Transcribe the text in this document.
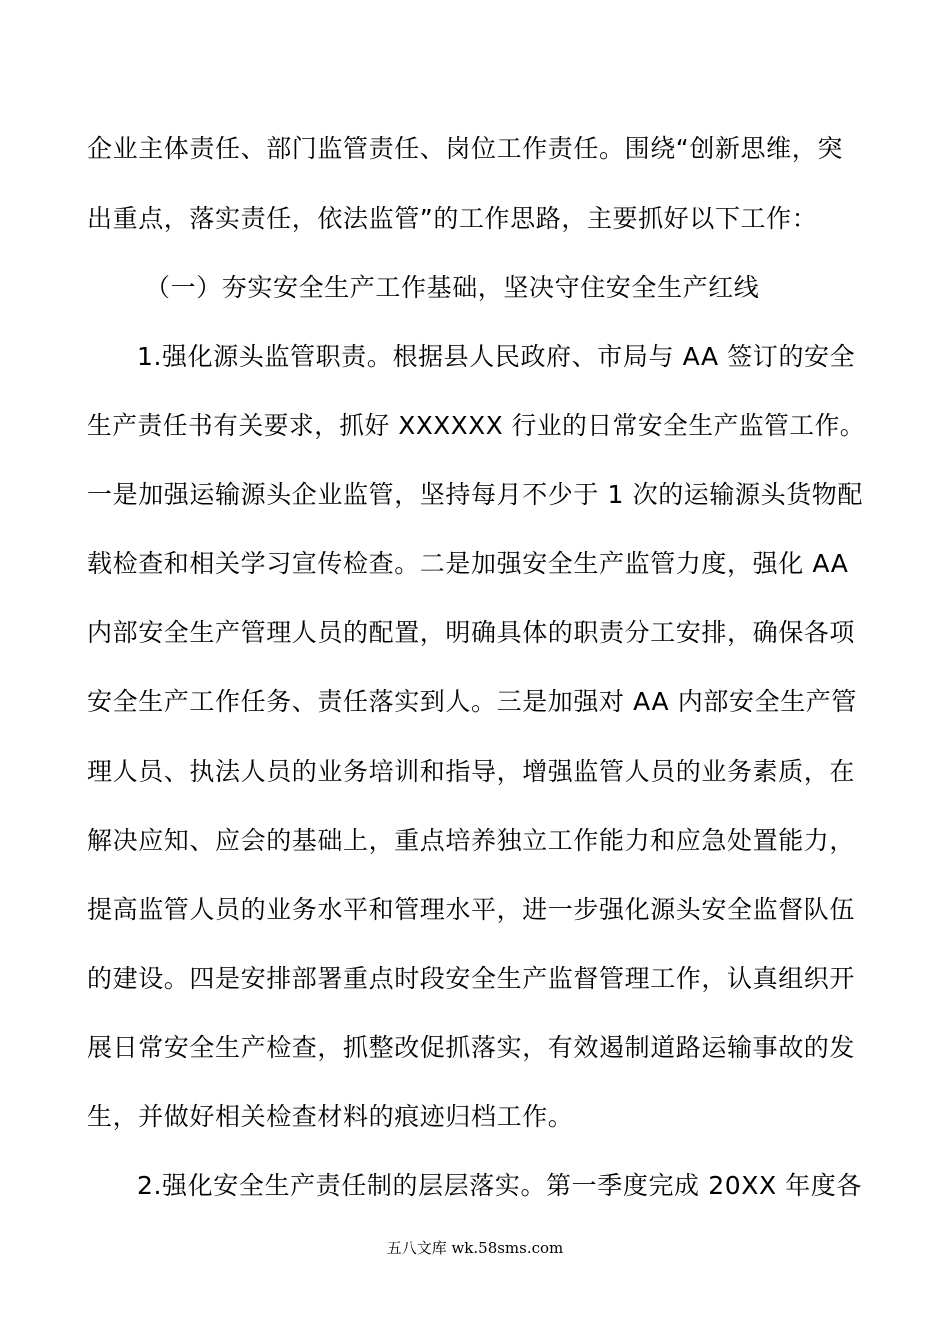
企业主体责任、部门监管责任、岗位工作责任。围绕“创新思维，突
出重点，落实责任，依法监管”的工作思路，主要抓好以下工作：
（一）夯实安全生产工作基础，坚决守住安全生产红线
1.强化源头监管职责。根据县人民政府、市局与 AA 签订的安全
生产责任书有关要求，抓好 XXXXXX 行业的日常安全生产监管工作。
一是加强运输源头企业监管，坚持每月不少于 1 次的运输源头货物配
载检查和相关学习宣传检查。二是加强安全生产监管力度，强化 AA
内部安全生产管理人员的配置，明确具体的职责分工安排，确保各项
安全生产工作任务、责任落实到人。三是加强对 AA 内部安全生产管
理人员、执法人员的业务培训和指导，增强监管人员的业务素质，在
解决应知、应会的基础上，重点培养独立工作能力和应急处置能力，
提高监管人员的业务水平和管理水平，进一步强化源头安全监督队伍
的建设。四是安排部署重点时段安全生产监督管理工作，认真组织开
展日常安全生产检查，抓整改促抓落实，有效遏制道路运输事故的发
生，并做好相关检查材料的痕迹归档工作。
2.强化安全生产责任制的层层落实。第一季度完成 20XX 年度各
五八文库 wk.58sms.com
